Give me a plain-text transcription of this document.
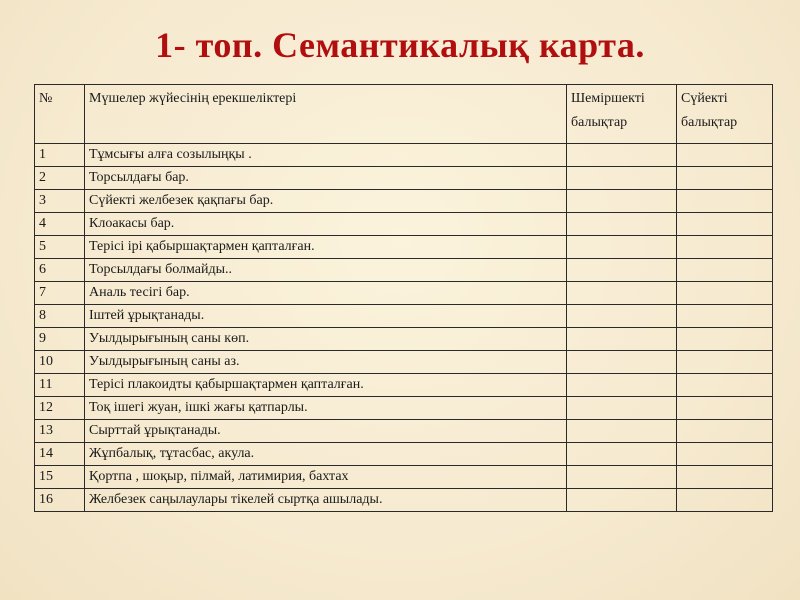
1- топ. Семантикалық карта.
№	Мүшелер жүйесінің ерекшеліктері	Шеміршекті балықтар	Сүйекті балықтар
1	Тұмсығы алға созылыңқы .		
2	Торсылдағы бар.		
3	Сүйекті желбезек қақпағы бар.		
4	Клоакасы бар.		
5	Терісі ірі қабыршақтармен қапталған.		
6	Торсылдағы болмайды..		
7	Аналь тесігі бар.		
8	Іштей ұрықтанады.		
9	Уылдырығының саны көп.		
10	Уылдырығының саны аз.		
11	Терісі плакоидты қабыршақтармен қапталған.		
12	Тоқ ішегі жуан, ішкі жағы қатпарлы.		
13	Сырттай ұрықтанады.		
14	Жұпбалық, тұтасбас, акула.		
15	Қортпа , шоқыр, пілмай, латимирия, бахтах		
16	Желбезек саңылаулары тікелей сыртқа ашылады.		
